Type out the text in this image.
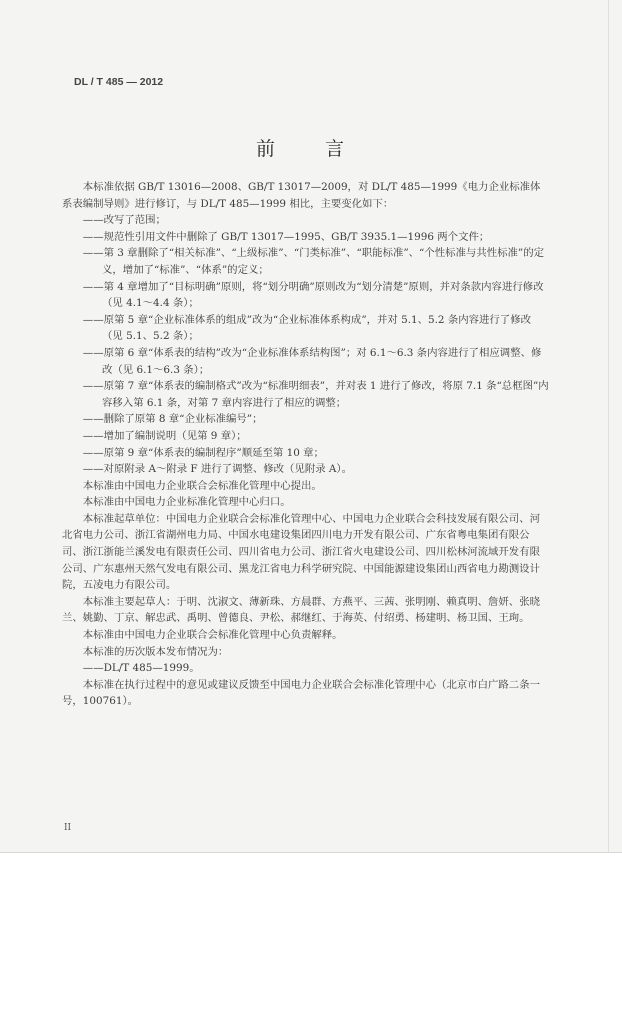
DL / T 485 — 2012
前 言

本标准依据 GB/T 13016—2008、GB/T 13017—2009，对 DL/T 485—1999《电力企业标准体系表编制导则》进行修订，与 DL/T 485—1999 相比，主要变化如下：

——改写了范围；

——规范性引用文件中删除了 GB/T 13017—1995、GB/T 3935.1—1996 两个文件；

——第 3 章删除了“相关标准”、“上级标准”、“门类标准”、“职能标准”、“个性标准与共性标准”的定义，增加了“标准”、“体系”的定义；

——第 4 章增加了“目标明确”原则，将“划分明确”原则改为“划分清楚”原则，并对条款内容进行修改（见 4.1～4.4 条）；

——原第 5 章“企业标准体系的组成”改为“企业标准体系构成”，并对 5.1、5.2 条内容进行了修改（见 5.1、5.2 条）；

——原第 6 章“体系表的结构”改为“企业标准体系结构图”；对 6.1～6.3 条内容进行了相应调整、修改（见 6.1～6.3 条）；

——原第 7 章“体系表的编制格式”改为“标准明细表”，并对表 1 进行了修改，将原 7.1 条“总框图”内容移入第 6.1 条，对第 7 章内容进行了相应的调整；

——删除了原第 8 章“企业标准编号”；

——增加了编制说明（见第 9 章）；

——原第 9 章“体系表的编制程序”顺延至第 10 章；

——对原附录 A～附录 F 进行了调整、修改（见附录 A）。

本标准由中国电力企业联合会标准化管理中心提出。

本标准由中国电力企业标准化管理中心归口。

本标准起草单位：中国电力企业联合会标准化管理中心、中国电力企业联合会科技发展有限公司、河北省电力公司、浙江省湖州电力局、中国水电建设集团四川电力开发有限公司、广东省粤电集团有限公司、浙江浙能兰溪发电有限责任公司、四川省电力公司、浙江省火电建设公司、四川松林河流域开发有限公司、广东惠州天然气发电有限公司、黑龙江省电力科学研究院、中国能源建设集团山西省电力勘测设计院，五凌电力有限公司。

本标准主要起草人：于明、沈淑文、薄新珠、方晨群、方燕平、三茜、张明刚、赖真明、詹妍、张晓兰、姚勤、丁京、解忠武、禹明、曾德良、尹松、郝继红、于海英、付绍勇、杨建明、杨卫国、王珣。

本标准由中国电力企业联合会标准化管理中心负责解释。

本标准的历次版本发布情况为：

——DL/T 485—1999。

本标准在执行过程中的意见或建议反馈至中国电力企业联合会标准化管理中心（北京市白广路二条一号，100761）。

II
